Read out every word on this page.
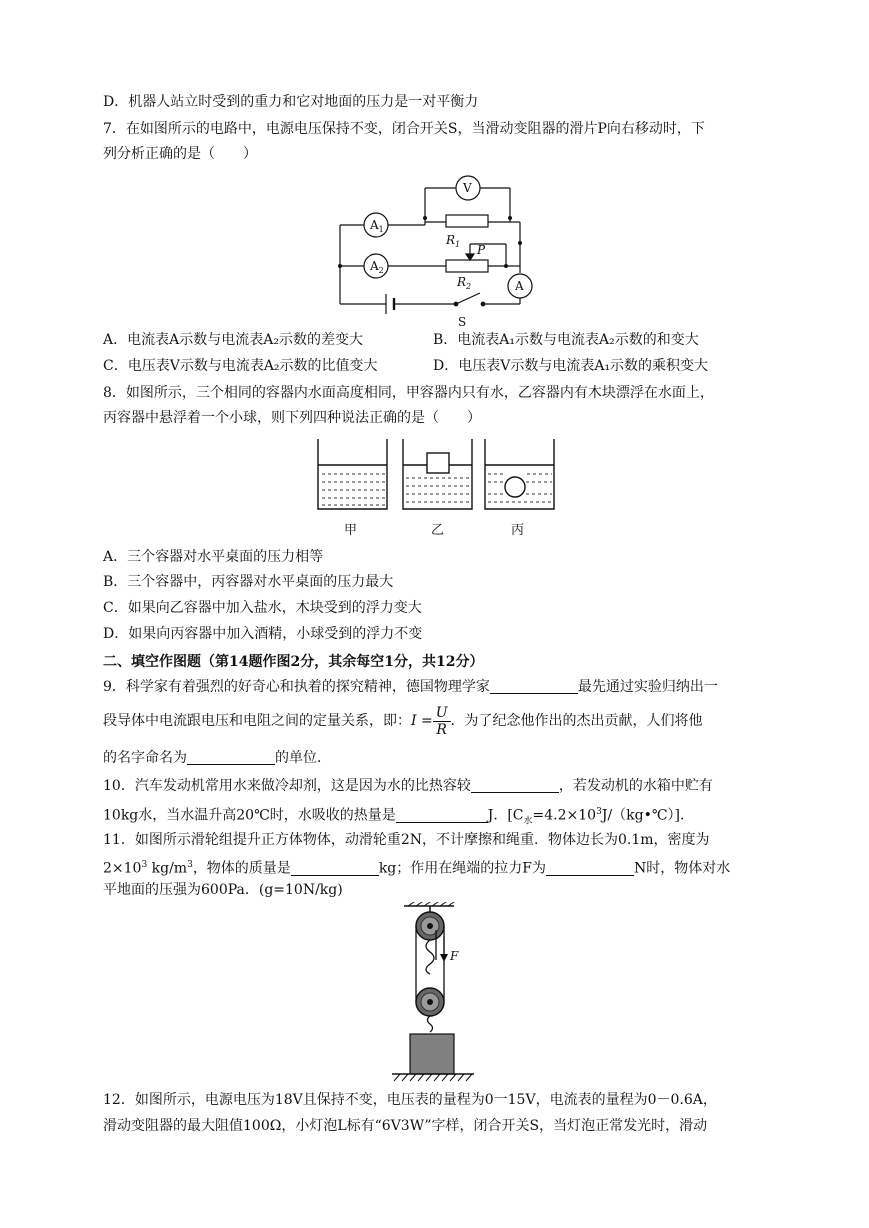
D．机器人站立时受到的重力和它对地面的压力是一对平衡力
7．在如图所示的电路中，电源电压保持不变，闭合开关S，当滑动变阻器的滑片P向右移动时，下
列分析正确的是（　　）
V
$A_1$
$A_2$
A
$R_1$
$R_2$
P
S
A．电流表A示数与电流表A₂示数的差变大	B．电流表A₁示数与电流表A₂示数的和变大
C．电压表V示数与电流表A₂示数的比值变大	D．电压表V示数与电流表A₁示数的乘积变大
8．如图所示，三个相同的容器内水面高度相同，甲容器内只有水，乙容器内有木块漂浮在水面上，
丙容器中悬浮着一个小球，则下列四种说法正确的是（　　）
甲	乙	丙
A．三个容器对水平桌面的压力相等
B．三个容器中，丙容器对水平桌面的压力最大
C．如果向乙容器中加入盐水，木块受到的浮力变大
D．如果向丙容器中加入酒精，小球受到的浮力不变
二、填空作图题（第14题作图2分，其余每空1分，共12分）
9．科学家有着强烈的好奇心和执着的探究精神，德国物理学家	最先通过实验归纳出一
段导体中电流跟电压和电阻之间的定量关系，即：$I = \frac{U}{R}$ ．为了纪念他作出的杰出贡献，人们将他
的名字命名为	的单位．
10．汽车发动机常用水来做冷却剂，这是因为水的比热容较	，若发动机的水箱中贮有
10kg水，当水温升高20℃时，水吸收的热量是	J．$[C_水=4.2\times 10^3J/(kg•℃)]$．
11．如图所示滑轮组提升正方体物体，动滑轮重2N，不计摩擦和绳重．物体边长为0.1m，密度为
$2\times 10^3$ $kg/m^3$，物体的质量是	kg；作用在绳端的拉力F为	N时，物体对水
平地面的压强为600Pa．(g=10N/kg)
F
12．如图所示，电源电压为18V且保持不变，电压表的量程为0一15V，电流表的量程为0－0.6A，
滑动变阻器的最大阻值100Ω，小灯泡L标有“6V3W”字样，闭合开关S，当灯泡正常发光时，滑动
